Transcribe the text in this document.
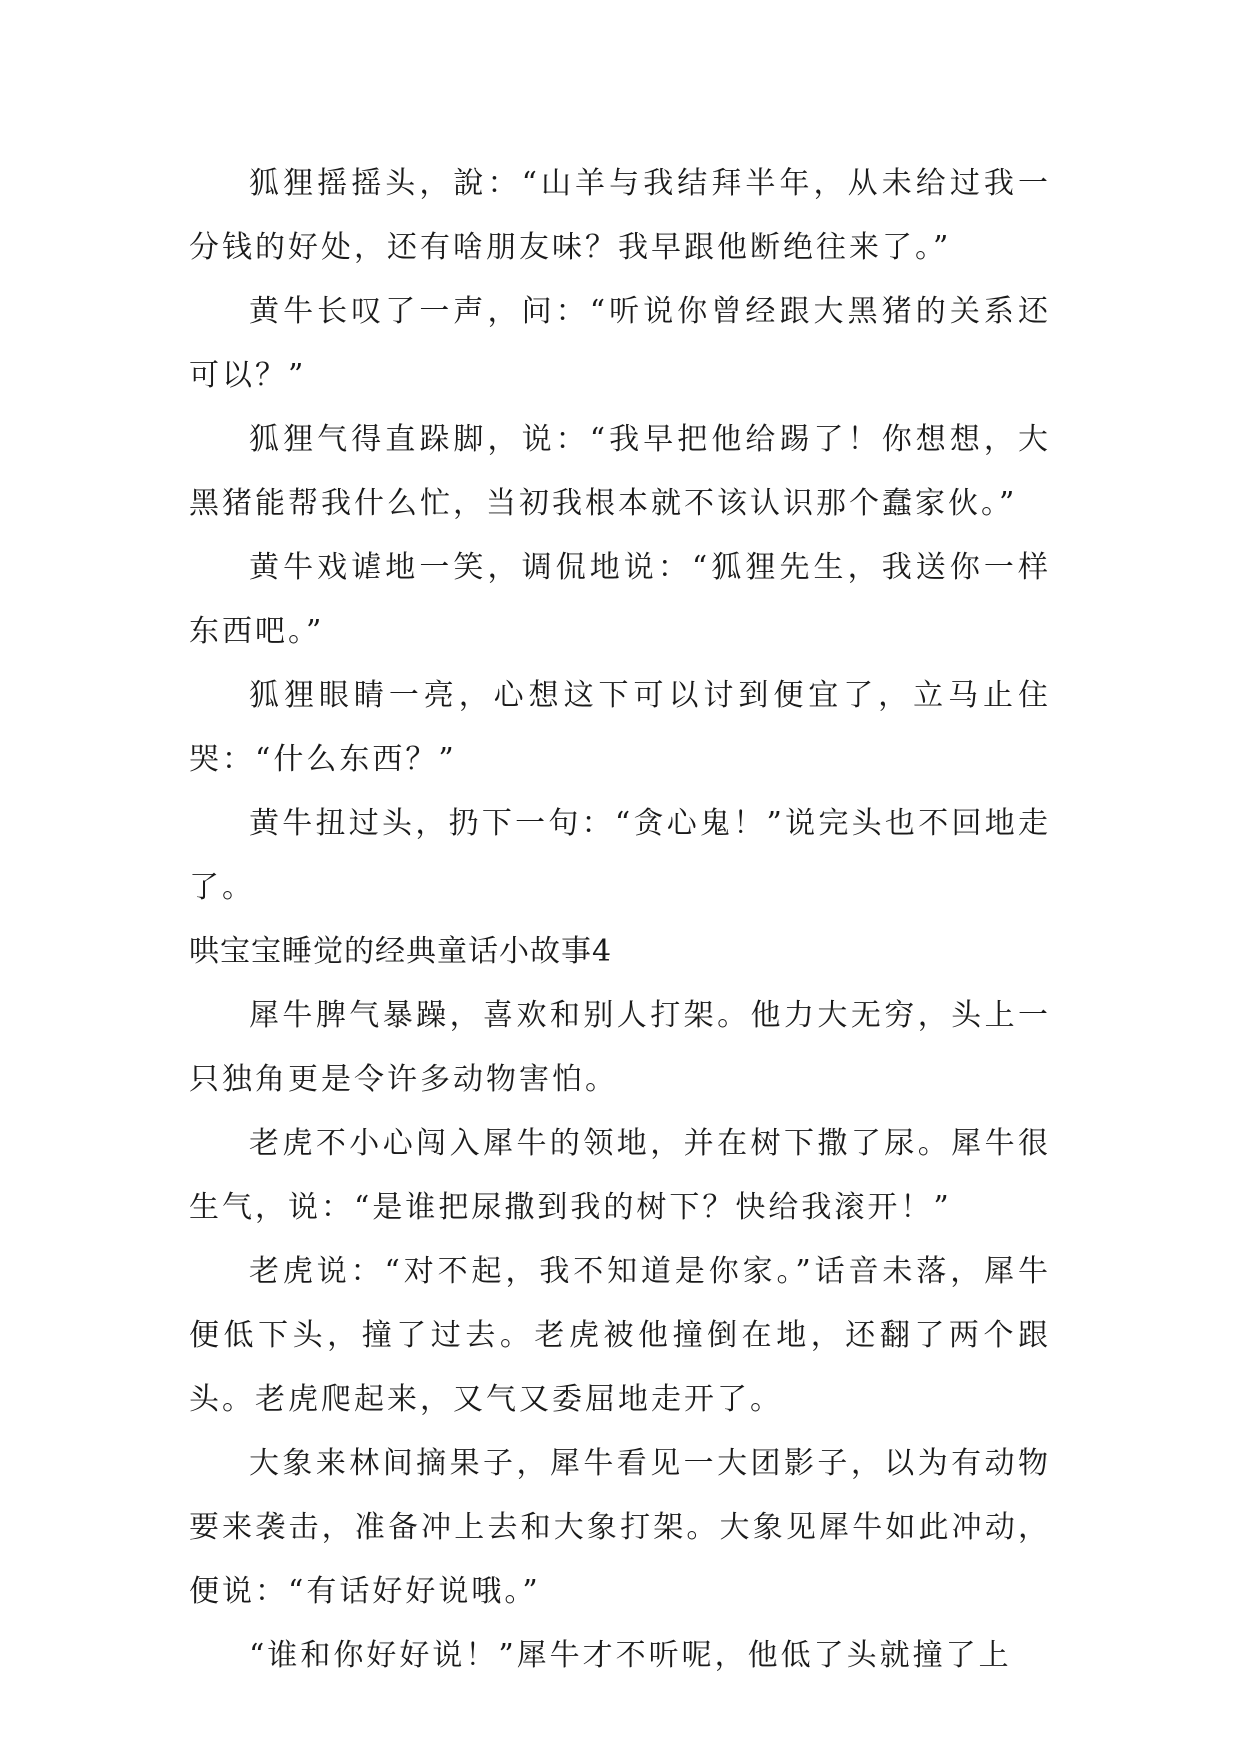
狐狸摇摇头，說：“山羊与我结拜半年，从未给过我一分钱的好处，还有啥朋友味？我早跟他断绝往来了。”

黄牛长叹了一声，问：“听说你曾经跟大黑猪的关系还可以？”

狐狸气得直跺脚，说：“我早把他给踢了！你想想，大黑猪能帮我什么忙，当初我根本就不该认识那个蠢家伙。”

黄牛戏谑地一笑，调侃地说：“狐狸先生，我送你一样东西吧。”

狐狸眼睛一亮，心想这下可以讨到便宜了，立马止住哭：“什么东西？”

黄牛扭过头，扔下一句：“贪心鬼！”说完头也不回地走了。

哄宝宝睡觉的经典童话小故事4

犀牛脾气暴躁，喜欢和别人打架。他力大无穷，头上一只独角更是令许多动物害怕。

老虎不小心闯入犀牛的领地，并在树下撒了尿。犀牛很生气，说：“是谁把尿撒到我的树下？快给我滚开！”

老虎说：“对不起，我不知道是你家。”话音未落，犀牛便低下头，撞了过去。老虎被他撞倒在地，还翻了两个跟头。老虎爬起来，又气又委屈地走开了。

大象来林间摘果子，犀牛看见一大团影子，以为有动物要来袭击，准备冲上去和大象打架。大象见犀牛如此冲动，便说：“有话好好说哦。”

“谁和你好好说！”犀牛才不听呢，他低了头就撞了上
